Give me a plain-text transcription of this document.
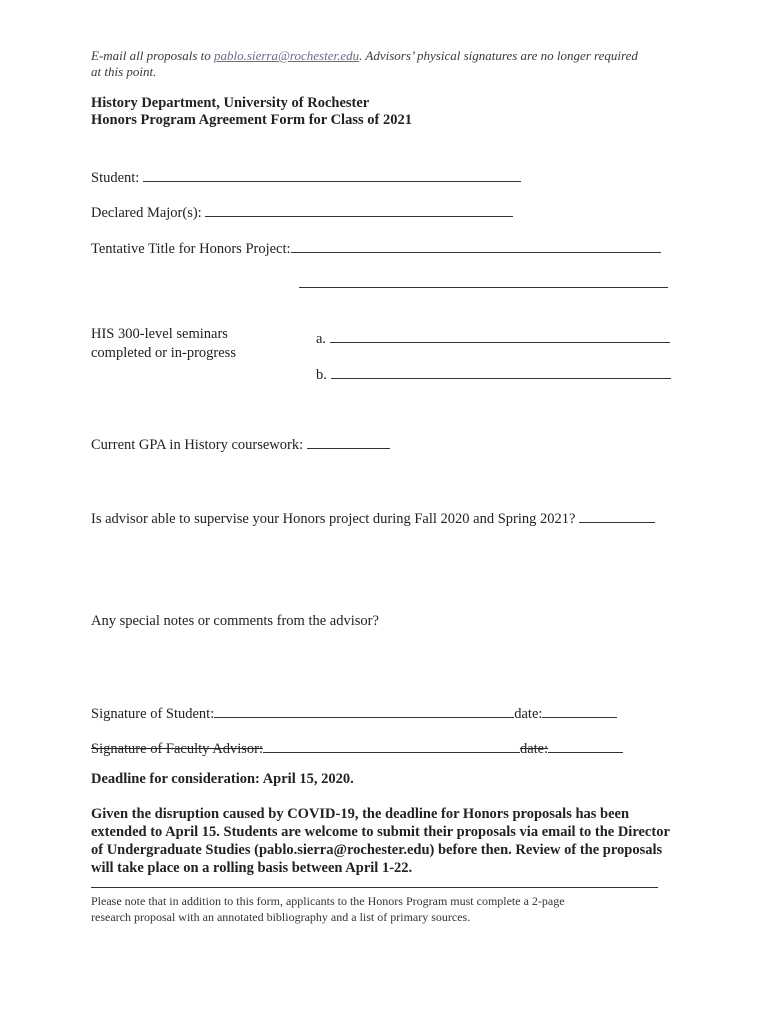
E-mail all proposals to pablo.sierra@rochester.edu. Advisors’ physical signatures are no longer required
at this point.
History Department, University of Rochester
Honors Program Agreement Form for Class of 2021
Student:
Declared Major(s):
Tentative Title for Honors Project:
HIS 300-level seminars
completed or in-progress
a.
b.
Current GPA in History coursework:
Is advisor able to supervise your Honors project during Fall 2020 and Spring 2021?
Any special notes or comments from the advisor?
Signature of Student:	date:
Signature of Faculty Advisor:	date:
Deadline for consideration: April 15, 2020.
Given the disruption caused by COVID-19, the deadline for Honors proposals has been extended to April 15. Students are welcome to submit their proposals via email to the Director of Undergraduate Studies (pablo.sierra@rochester.edu) before then. Review of the proposals will take place on a rolling basis between April 1-22.
Please note that in addition to this form, applicants to the Honors Program must complete a 2-page
research proposal with an annotated bibliography and a list of primary sources.
